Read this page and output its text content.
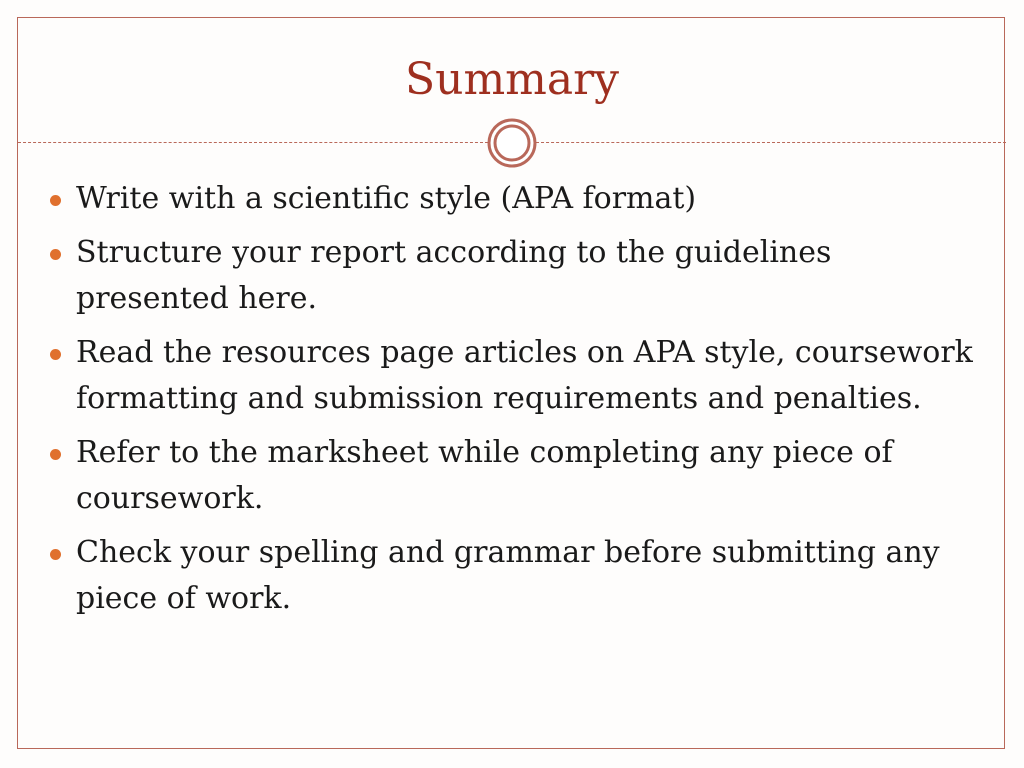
Summary
Write with a scientific style (APA format)
Structure your report according to the guidelines presented here.
Read the resources page articles on APA style, coursework formatting and submission requirements and penalties.
Refer to the marksheet while completing any piece of coursework.
Check your spelling and grammar before submitting any piece of work.
